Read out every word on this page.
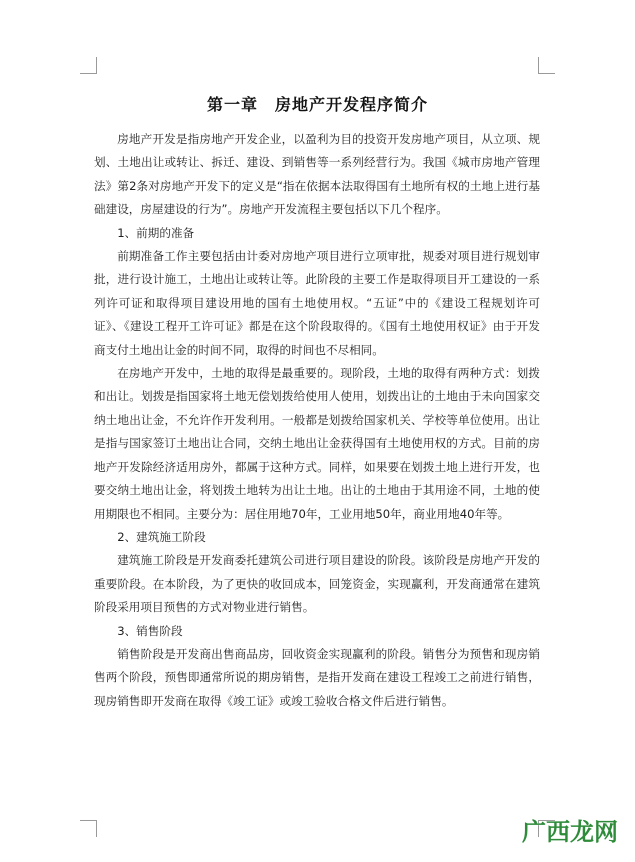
第一章　房地产开发程序简介

房地产开发是指房地产开发企业，以盈利为目的投资开发房地产项目，从立项、规划、土地出让或转让、拆迁、建设、到销售等一系列经营行为。我国《城市房地产管理法》第2条对房地产开发下的定义是“指在依据本法取得国有土地所有权的土地上进行基础建设，房屋建设的行为”。房地产开发流程主要包括以下几个程序。

1、前期的准备

前期准备工作主要包括由计委对房地产项目进行立项审批，规委对项目进行规划审批，进行设计施工，土地出让或转让等。此阶段的主要工作是取得项目开工建设的一系列许可证和取得项目建设用地的国有土地使用权。“五证”中的《建设工程规划许可证》、《建设工程开工许可证》都是在这个阶段取得的。《国有土地使用权证》由于开发商支付土地出让金的时间不同，取得的时间也不尽相同。

在房地产开发中，土地的取得是最重要的。现阶段，土地的取得有两种方式：划拨和出让。划拨是指国家将土地无偿划拨给使用人使用，划拨出让的土地由于未向国家交纳土地出让金，不允许作开发利用。一般都是划拨给国家机关、学校等单位使用。出让是指与国家签订土地出让合同，交纳土地出让金获得国有土地使用权的方式。目前的房地产开发除经济适用房外，都属于这种方式。同样，如果要在划拨土地上进行开发，也要交纳土地出让金，将划拨土地转为出让土地。出让的土地由于其用途不同，土地的使用期限也不相同。主要分为：居住用地70年，工业用地50年，商业用地40年等。

2、建筑施工阶段

建筑施工阶段是开发商委托建筑公司进行项目建设的阶段。该阶段是房地产开发的重要阶段。在本阶段，为了更快的收回成本，回笼资金，实现赢利，开发商通常在建筑阶段采用项目预售的方式对物业进行销售。

3、销售阶段

销售阶段是开发商出售商品房，回收资金实现赢利的阶段。销售分为预售和现房销售两个阶段，预售即通常所说的期房销售，是指开发商在建设工程竣工之前进行销售，现房销售即开发商在取得《竣工证》或竣工验收合格文件后进行销售。

广西龙网
